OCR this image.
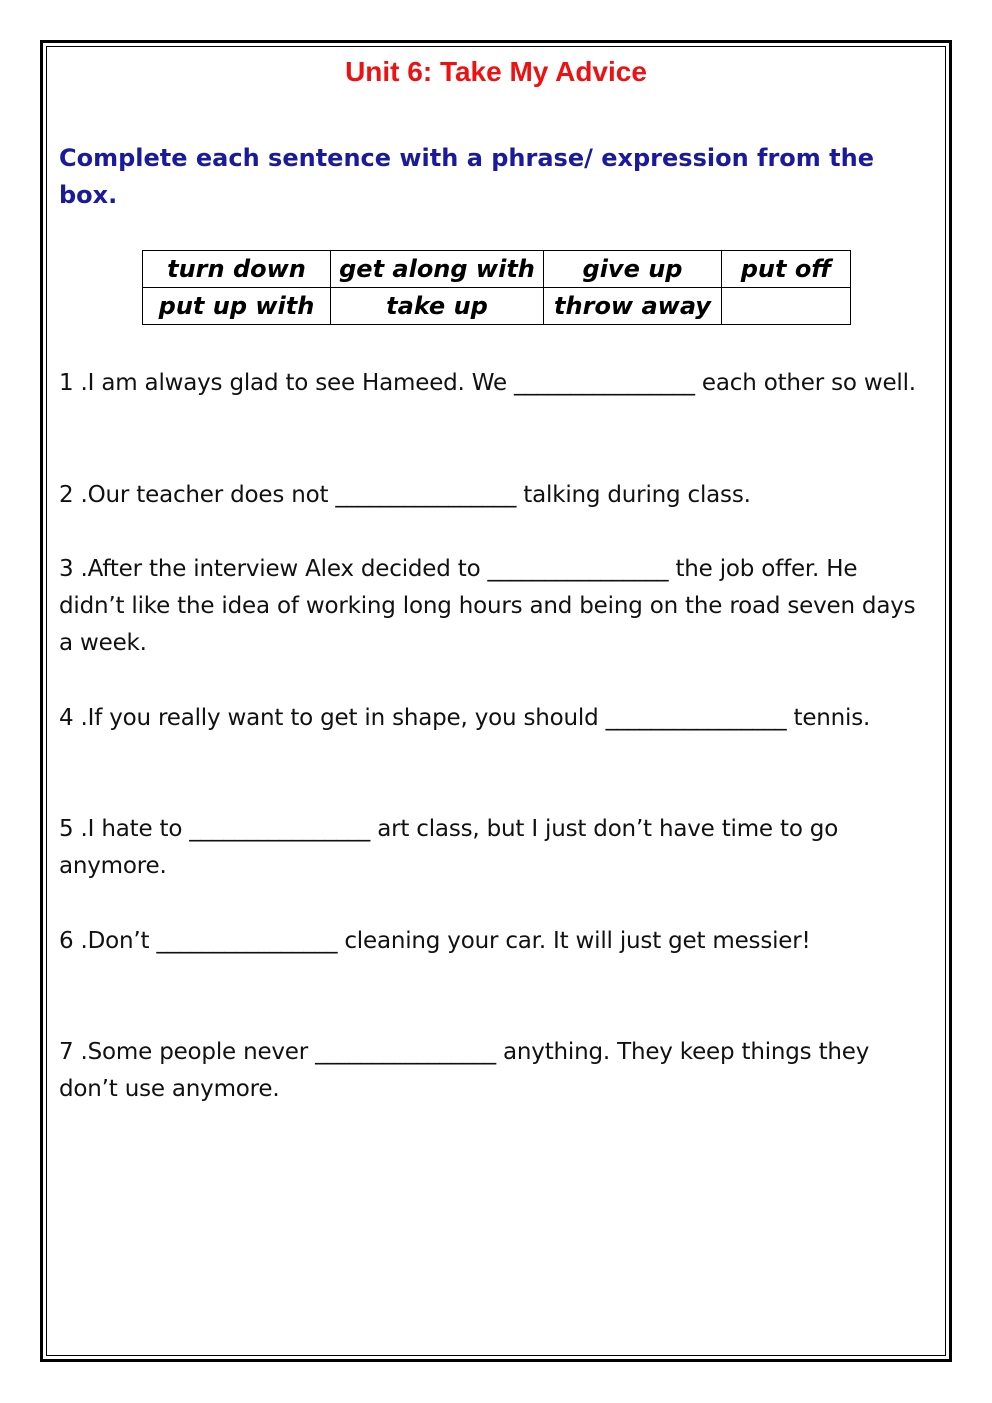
Unit 6: Take My Advice

Complete each sentence with a phrase/ expression from the box.

turn down	get along with	give up	put off
put up with	take up	throw away	

1 .I am always glad to see Hameed. We ________________ each other so well.

2 .Our teacher does not ________________ talking during class.

3 .After the interview Alex decided to ________________ the job offer. He didn’t like the idea of working long hours and being on the road seven days a week.

4 .If you really want to get in shape, you should ________________ tennis.

5 .I hate to ________________ art class, but I just don’t have time to go anymore.

6 .Don’t ________________ cleaning your car. It will just get messier!

7 .Some people never ________________ anything. They keep things they don’t use anymore.
